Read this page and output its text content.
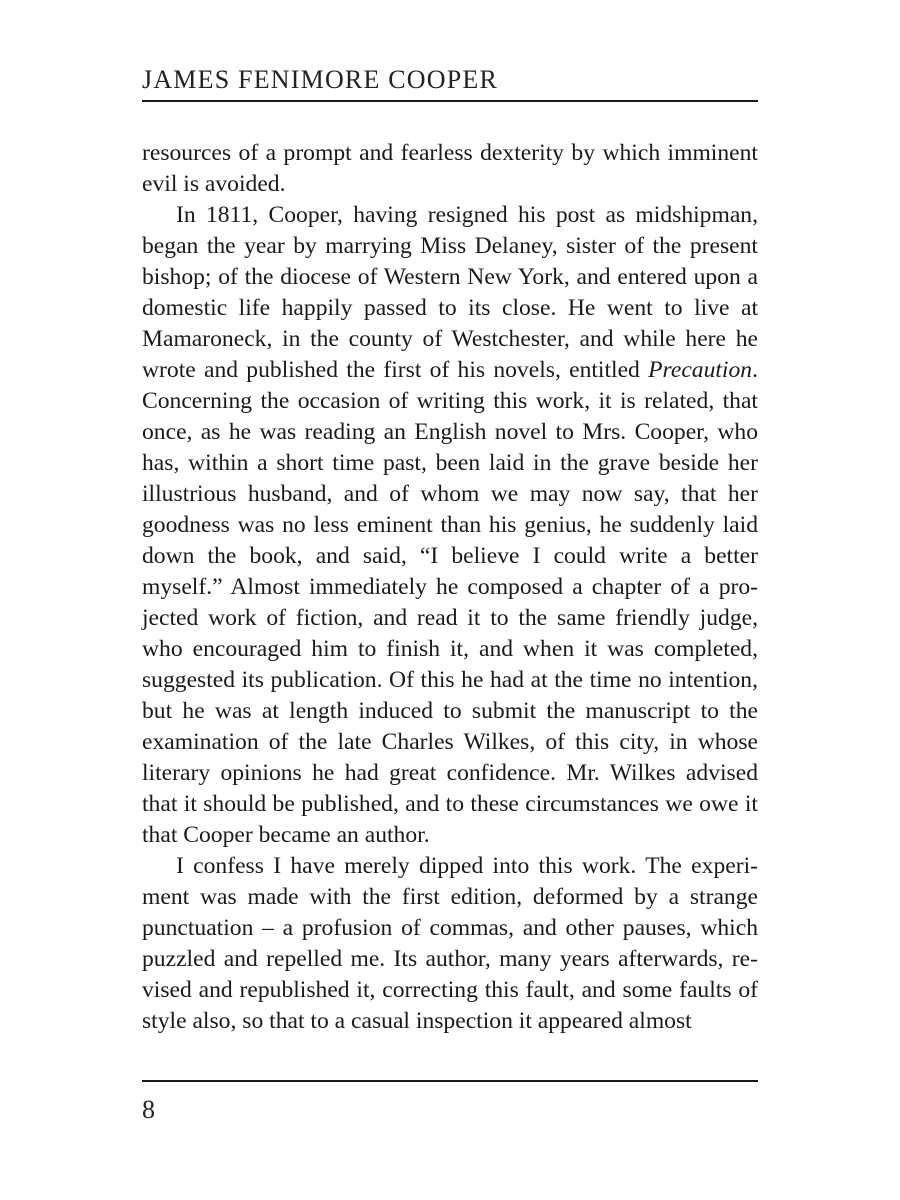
JAMES FENIMORE COOPER

resources of a prompt and fearless dexterity by which imminent evil is avoided.

In 1811, Cooper, having resigned his post as midshipman, began the year by marrying Miss Delaney, sister of the present bishop; of the diocese of Western New York, and entered upon a domestic life happily passed to its close. He went to live at Mamaroneck, in the county of Westchester, and while here he wrote and published the first of his novels, entitled Precaution. Concerning the occasion of writing this work, it is related, that once, as he was reading an English novel to Mrs. Cooper, who has, within a short time past, been laid in the grave beside her illustrious husband, and of whom we may now say, that her goodness was no less eminent than his genius, he suddenly laid down the book, and said, “I believe I could write a better myself.” Almost immediately he composed a chapter of a projected work of fiction, and read it to the same friendly judge, who encouraged him to finish it, and when it was completed, suggested its publication. Of this he had at the time no intention, but he was at length induced to submit the manuscript to the examination of the late Charles Wilkes, of this city, in whose literary opinions he had great confidence. Mr. Wilkes advised that it should be published, and to these circumstances we owe it that Cooper became an author.

I confess I have merely dipped into this work. The experiment was made with the first edition, deformed by a strange punctuation – a profusion of commas, and other pauses, which puzzled and repelled me. Its author, many years afterwards, revised and republished it, correcting this fault, and some faults of style also, so that to a casual inspection it appeared almost

8
